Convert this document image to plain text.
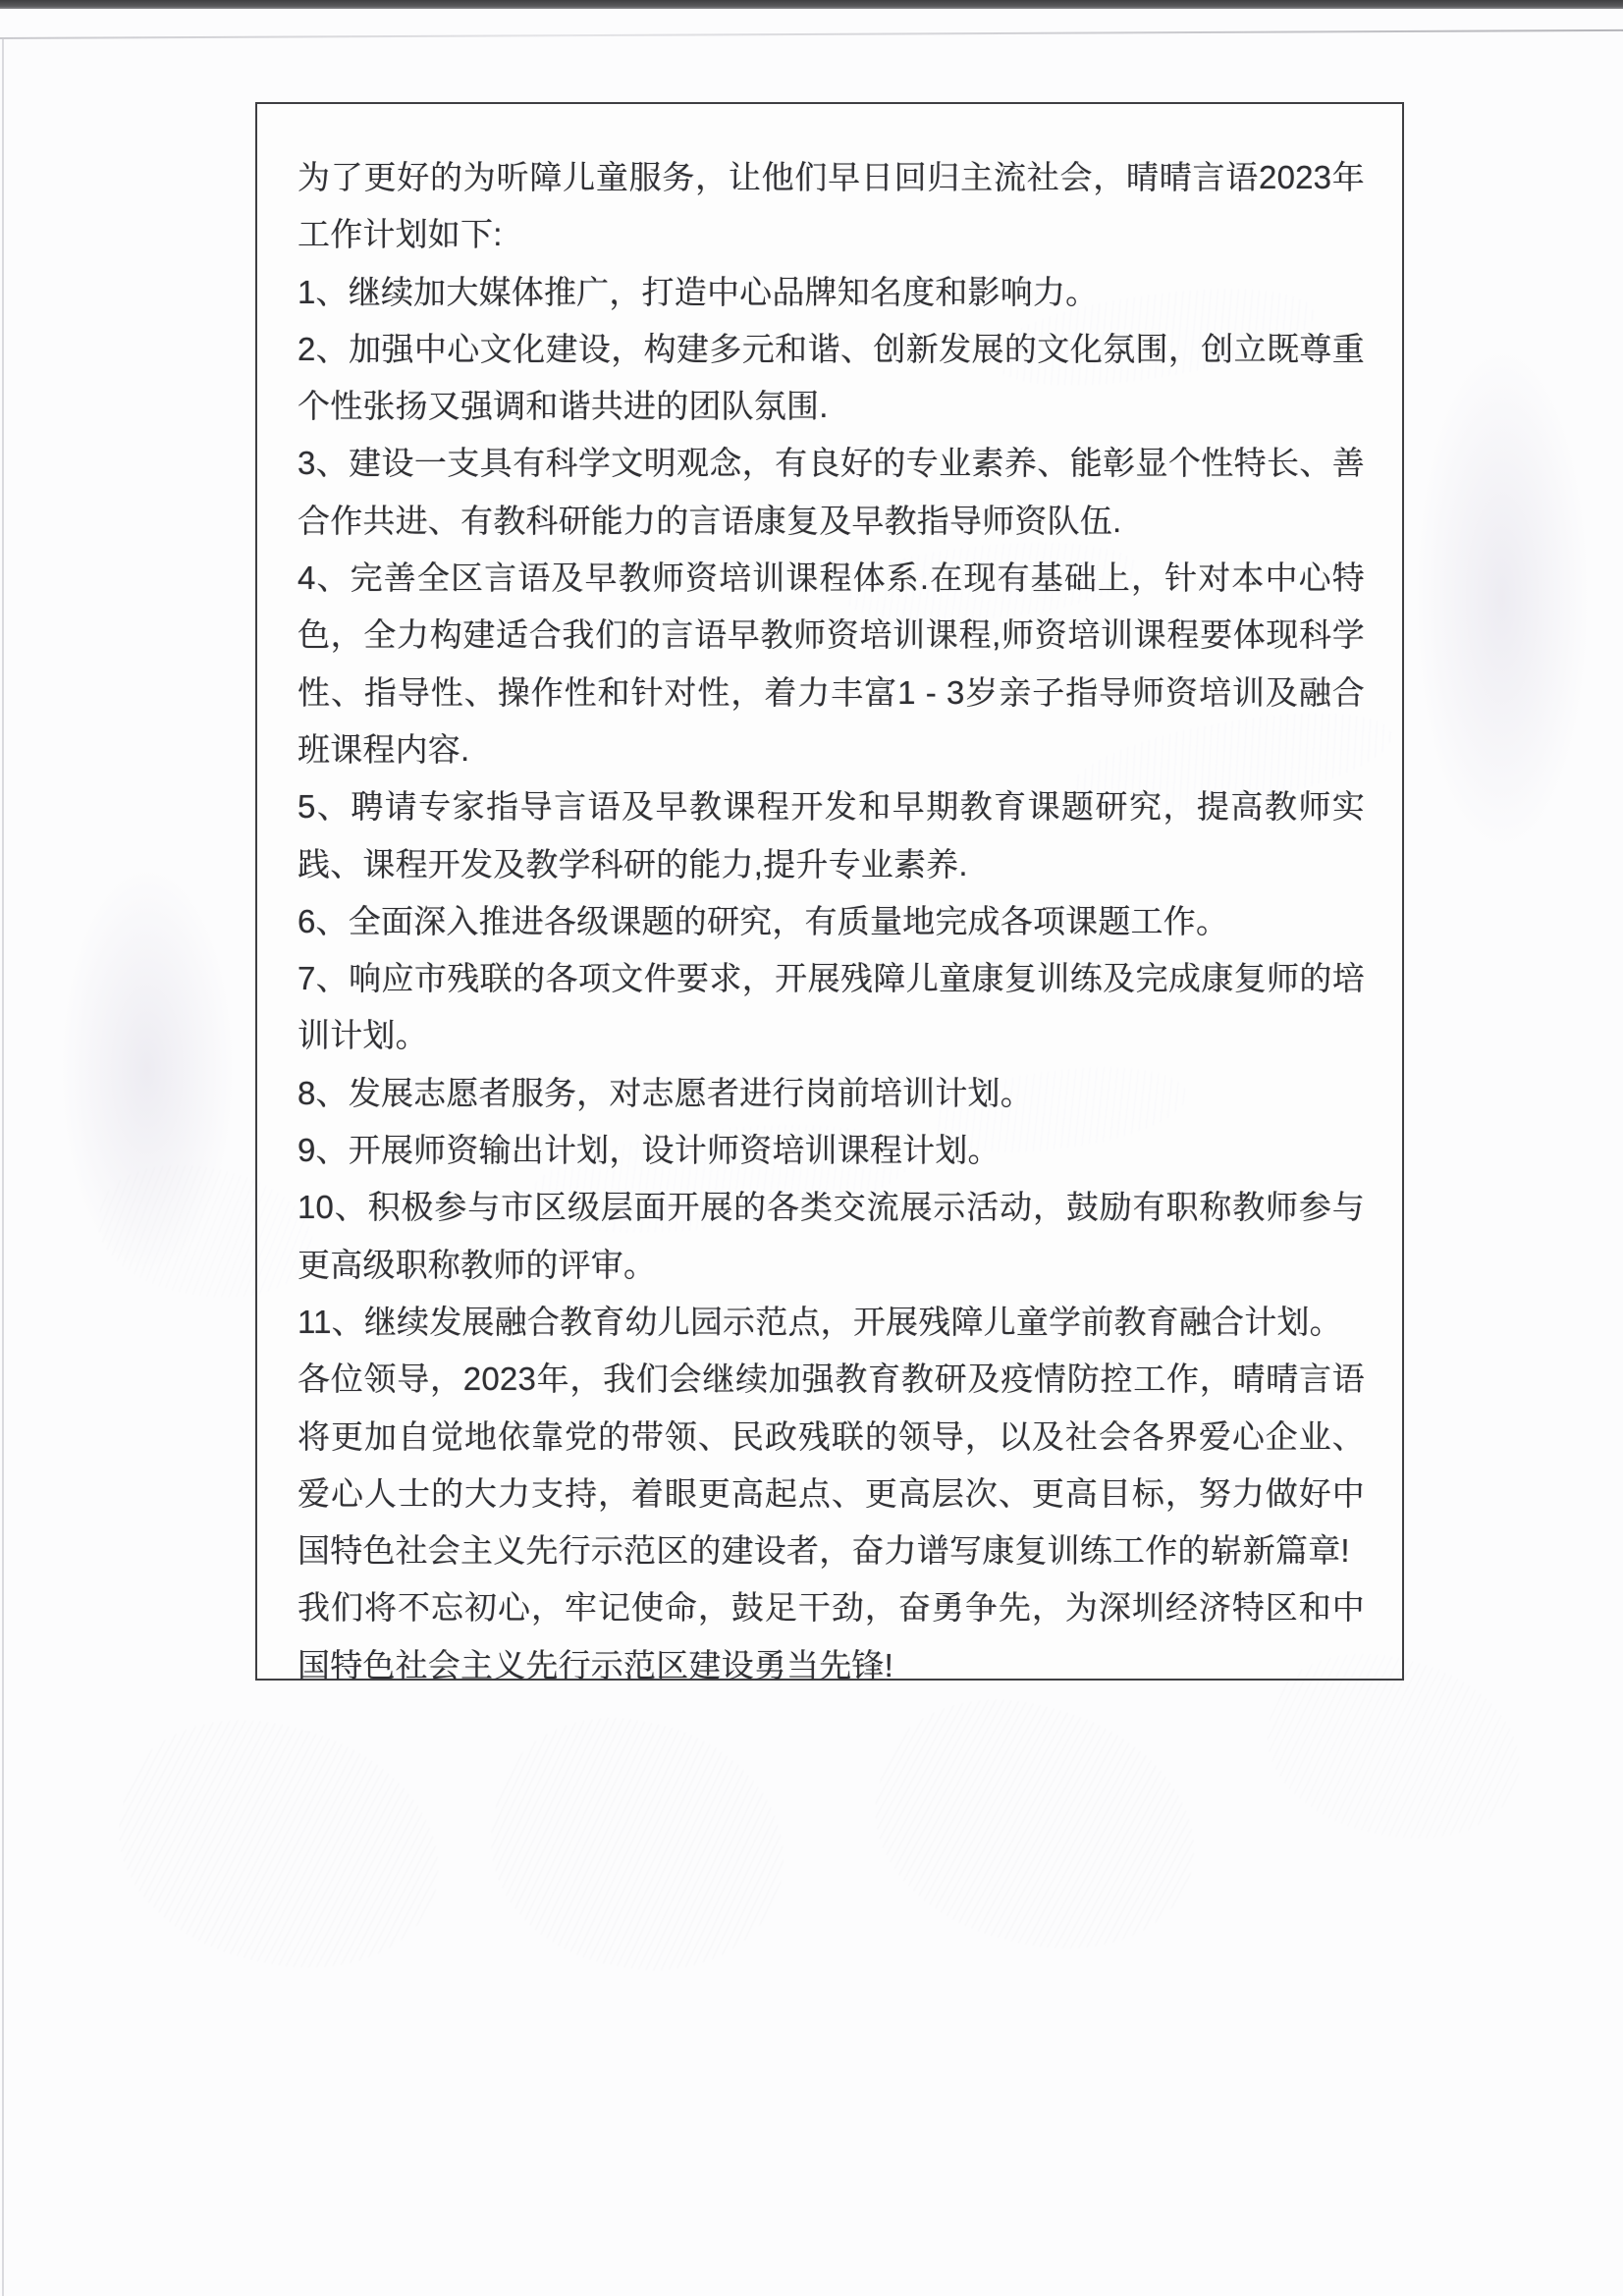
为了更好的为听障儿童服务，让他们早日回归主流社会，晴晴言语2023年工作计划如下:

1、继续加大媒体推广，打造中心品牌知名度和影响力。

2、加强中心文化建设，构建多元和谐、创新发展的文化氛围，创立既尊重个性张扬又强调和谐共进的团队氛围.

3、建设一支具有科学文明观念，有良好的专业素养、能彰显个性特长、善合作共进、有教科研能力的言语康复及早教指导师资队伍.

4、完善全区言语及早教师资培训课程体系.在现有基础上，针对本中心特色，全力构建适合我们的言语早教师资培训课程,师资培训课程要体现科学性、指导性、操作性和针对性，着力丰富1 - 3岁亲子指导师资培训及融合班课程内容.

5、聘请专家指导言语及早教课程开发和早期教育课题研究，提高教师实践、课程开发及教学科研的能力,提升专业素养.

6、全面深入推进各级课题的研究，有质量地完成各项课题工作。

7、响应市残联的各项文件要求，开展残障儿童康复训练及完成康复师的培训计划。

8、发展志愿者服务，对志愿者进行岗前培训计划。

9、开展师资输出计划，设计师资培训课程计划。

10、积极参与市区级层面开展的各类交流展示活动，鼓励有职称教师参与更高级职称教师的评审。

11、继续发展融合教育幼儿园示范点，开展残障儿童学前教育融合计划。

各位领导，2023年，我们会继续加强教育教研及疫情防控工作，晴晴言语将更加自觉地依靠党的带领、民政残联的领导，以及社会各界爱心企业、爱心人士的大力支持，着眼更高起点、更高层次、更高目标，努力做好中国特色社会主义先行示范区的建设者，奋力谱写康复训练工作的崭新篇章!

我们将不忘初心，牢记使命，鼓足干劲，奋勇争先，为深圳经济特区和中国特色社会主义先行示范区建设勇当先锋!
